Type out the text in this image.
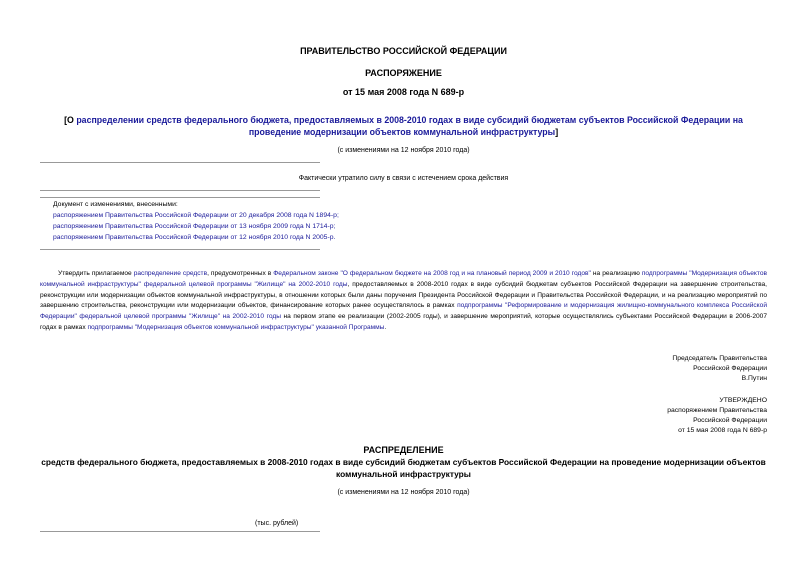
ПРАВИТЕЛЬСТВО РОССИЙСКОЙ ФЕДЕРАЦИИ
РАСПОРЯЖЕНИЕ
от 15 мая 2008 года N 689-р
[О распределении средств федерального бюджета, предоставляемых в 2008-2010 годах в виде субсидий бюджетам субъектов Российской Федерации на проведение модернизации объектов коммунальной инфраструктуры]
(с изменениями на 12 ноября 2010 года)
Фактически утратило силу в связи с истечением срока действия
Документ с изменениями, внесенными:
распоряжением Правительства Российской Федерации от 20 декабря 2008 года N 1894-р;
распоряжением Правительства Российской Федерации от 13 ноября 2009 года N 1714-р;
распоряжением Правительства Российской Федерации от 12 ноября 2010 года N 2005-р.
Утвердить прилагаемое распределение средств, предусмотренных в Федеральном законе "О федеральном бюджете на 2008 год и на плановый период 2009 и 2010 годов" на реализацию подпрограммы "Модернизация объектов коммунальной инфраструктуры" федеральной целевой программы "Жилище" на 2002-2010 годы, предоставляемых в 2008-2010 годах в виде субсидий бюджетам субъектов Российской Федерации на завершение строительства, реконструкции или модернизации объектов коммунальной инфраструктуры, в отношении которых были даны поручения Президента Российской Федерации и Правительства Российской Федерации, и на реализацию мероприятий по завершению строительства, реконструкции или модернизации объектов, финансирование которых ранее осуществлялось в рамках подпрограммы "Реформирование и модернизация жилищно-коммунального комплекса Российской Федерации" федеральной целевой программы "Жилище" на 2002-2010 годы на первом этапе ее реализации (2002-2005 годы), и завершение мероприятий, которые осуществлялись субъектами Российской Федерации в 2006-2007 годах в рамках подпрограммы "Модернизация объектов коммунальной инфраструктуры" указанной Программы.
Председатель Правительства
Российской Федерации
В.Путин
УТВЕРЖДЕНО
распоряжением Правительства
Российской Федерации
от 15 мая 2008 года N 689-р
РАСПРЕДЕЛЕНИЕ
средств федерального бюджета, предоставляемых в 2008-2010 годах в виде субсидий бюджетам субъектов Российской Федерации на проведение модернизации объектов коммунальной инфраструктуры
(с изменениями на 12 ноября 2010 года)
(тыс. рублей)
